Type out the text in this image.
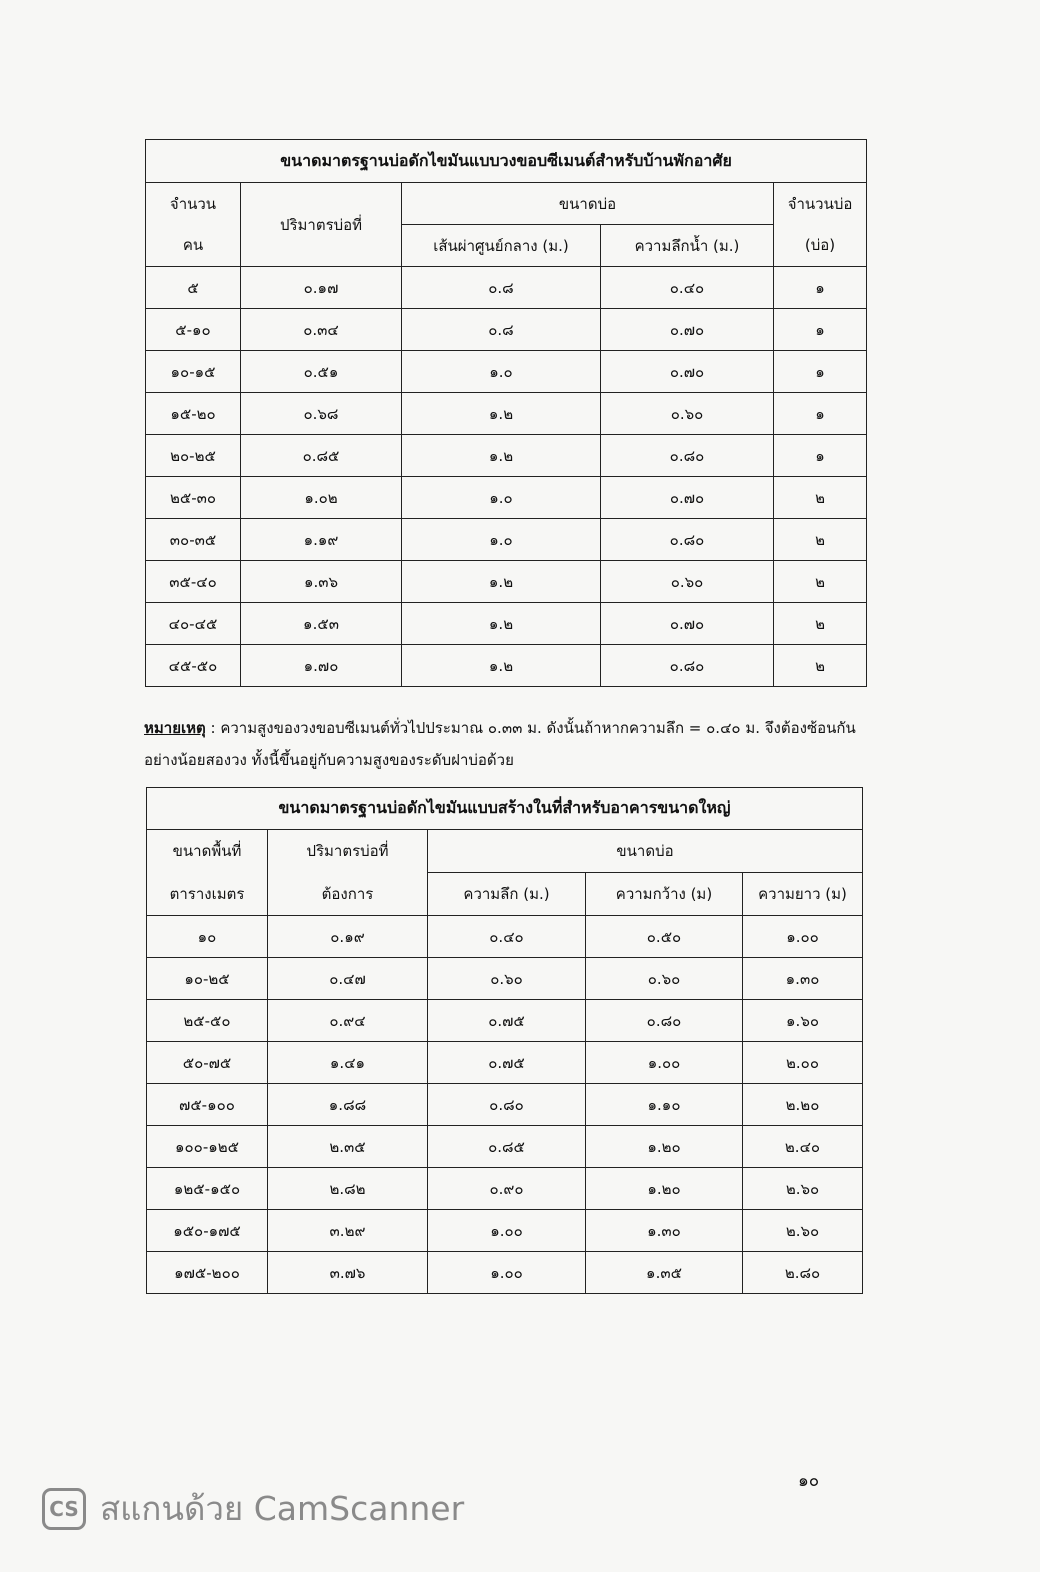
ขนาดมาตรฐานบ่อดักไขมันแบบวงขอบซีเมนต์สำหรับบ้านพักอาศัย				
จำนวน	ปริมาตรบ่อที่	ขนาดบ่อ		จำนวนบ่อ
คน		เส้นผ่าศูนย์กลาง (ม.)	ความลึกน้ำ (ม.)	(บ่อ)
๕	๐.๑๗	๐.๘	๐.๔๐	๑
๕-๑๐	๐.๓๔	๐.๘	๐.๗๐	๑
๑๐-๑๕	๐.๕๑	๑.๐	๐.๗๐	๑
๑๕-๒๐	๐.๖๘	๑.๒	๐.๖๐	๑
๒๐-๒๕	๐.๘๕	๑.๒	๐.๘๐	๑
๒๕-๓๐	๑.๐๒	๑.๐	๐.๗๐	๒
๓๐-๓๕	๑.๑๙	๑.๐	๐.๘๐	๒
๓๕-๔๐	๑.๓๖	๑.๒	๐.๖๐	๒
๔๐-๔๕	๑.๕๓	๑.๒	๐.๗๐	๒
๔๕-๕๐	๑.๗๐	๑.๒	๐.๘๐	๒
หมายเหตุ : ความสูงของวงขอบซีเมนต์ทั่วไปประมาณ ๐.๓๓ ม. ดังนั้นถ้าหากความลึก = ๐.๔๐ ม. จึงต้องซ้อนกันอย่างน้อยสองวง ทั้งนี้ขึ้นอยู่กับความสูงของระดับฝาบ่อด้วย
ขนาดมาตรฐานบ่อดักไขมันแบบสร้างในที่สำหรับอาคารขนาดใหญ่				
ขนาดพื้นที่	ปริมาตรบ่อที่	ขนาดบ่อ		
ตารางเมตร	ต้องการ	ความลึก (ม.)	ความกว้าง (ม)	ความยาว (ม)
๑๐	๐.๑๙	๐.๔๐	๐.๕๐	๑.๐๐
๑๐-๒๕	๐.๔๗	๐.๖๐	๐.๖๐	๑.๓๐
๒๕-๕๐	๐.๙๔	๐.๗๕	๐.๘๐	๑.๖๐
๕๐-๗๕	๑.๔๑	๐.๗๕	๑.๐๐	๒.๐๐
๗๕-๑๐๐	๑.๘๘	๐.๘๐	๑.๑๐	๒.๒๐
๑๐๐-๑๒๕	๒.๓๕	๐.๘๕	๑.๒๐	๒.๔๐
๑๒๕-๑๕๐	๒.๘๒	๐.๙๐	๑.๒๐	๒.๖๐
๑๕๐-๑๗๕	๓.๒๙	๑.๐๐	๑.๓๐	๒.๖๐
๑๗๕-๒๐๐	๓.๗๖	๑.๐๐	๑.๓๕	๒.๘๐
๑๐
CS สแกนด้วย CamScanner
